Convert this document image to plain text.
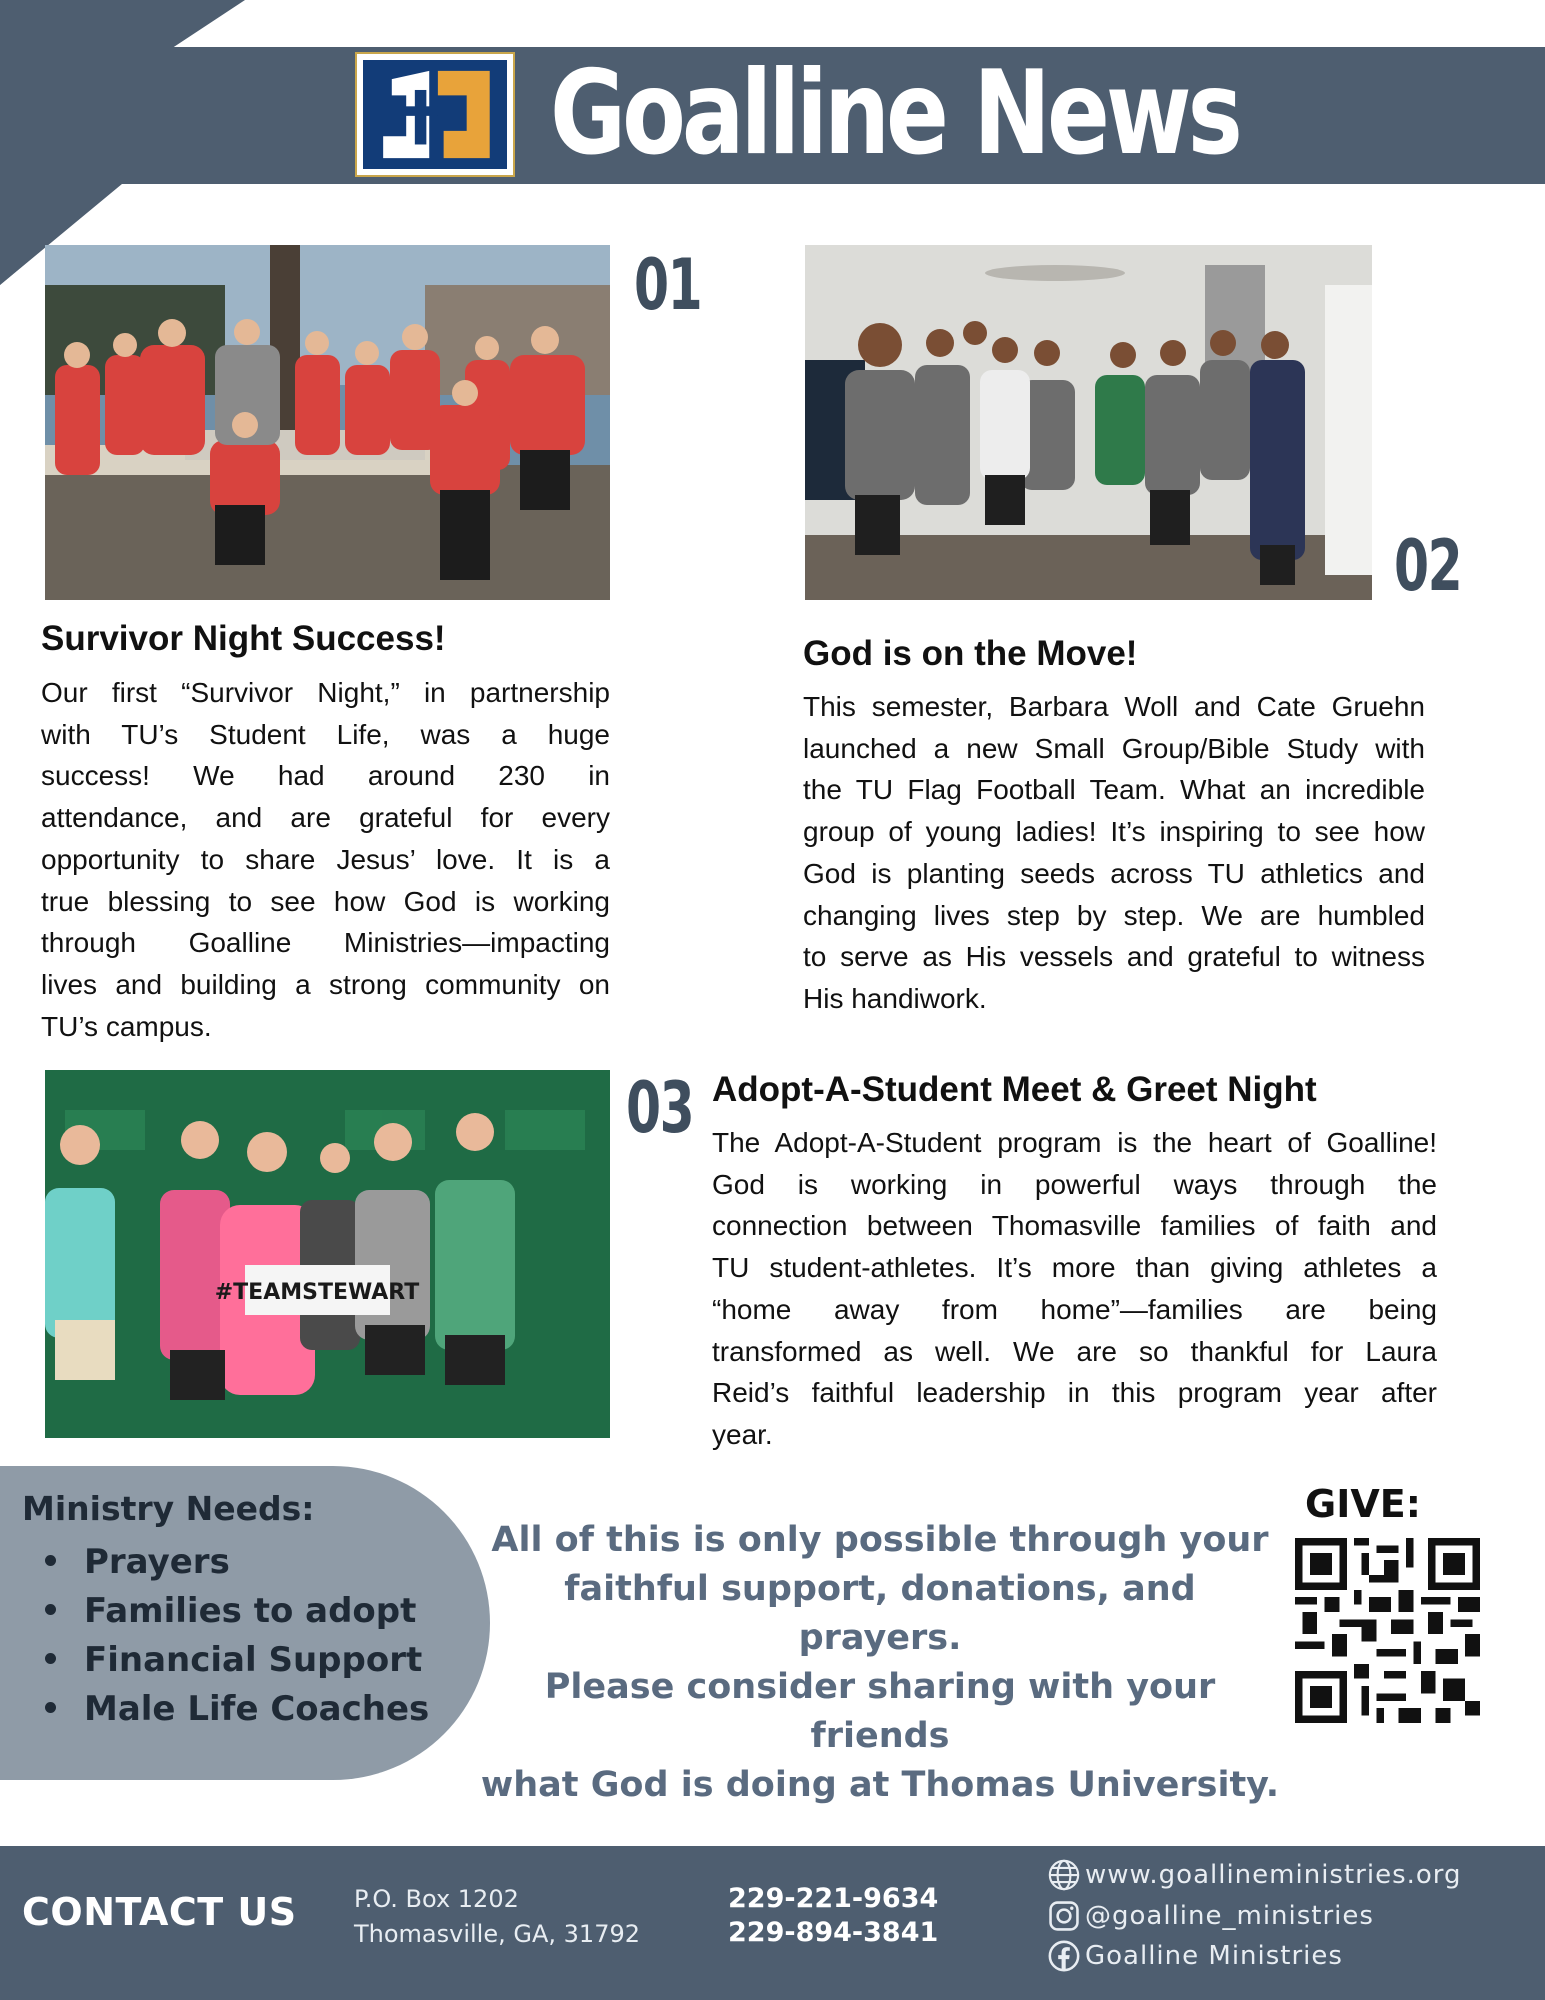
Goalline News
01
Survivor Night Success!
Our first “Survivor Night,” in partnership
with TU’s Student Life, was a huge
success! We had around 230 in
attendance, and are grateful for every
opportunity to share Jesus’ love. It is a
true blessing to see how God is working
through Goalline Ministries—impacting
lives and building a strong community on
TU’s campus.
02
God is on the Move!
This semester, Barbara Woll and Cate Gruehn
launched a new Small Group/Bible Study with
the TU Flag Football Team. What an incredible
group of young ladies! It’s inspiring to see how
God is planting seeds across TU athletics and
changing lives step by step. We are humbled
to serve as His vessels and grateful to witness
His handiwork.
#TEAMSTEWART
03 Adopt-A-Student Meet & Greet Night
The Adopt-A-Student program is the heart of Goalline!
God is working in powerful ways through the
connection between Thomasville families of faith and
TU student-athletes. It’s more than giving athletes a
“home away from home”—families are being
transformed as well. We are so thankful for Laura
Reid’s faithful leadership in this program year after
year.
Ministry Needs:
Prayers
Families to adopt
Financial Support
Male Life Coaches
All of this is only possible through your
faithful support, donations, and prayers.
Please consider sharing with your friends
what God is doing at Thomas University.
GIVE:
CONTACT US P.O. Box 1202
Thomasville, GA, 31792
229-221-9634
229-894-3841
www.goallineministries.org
@goalline_ministries
Goalline Ministries
